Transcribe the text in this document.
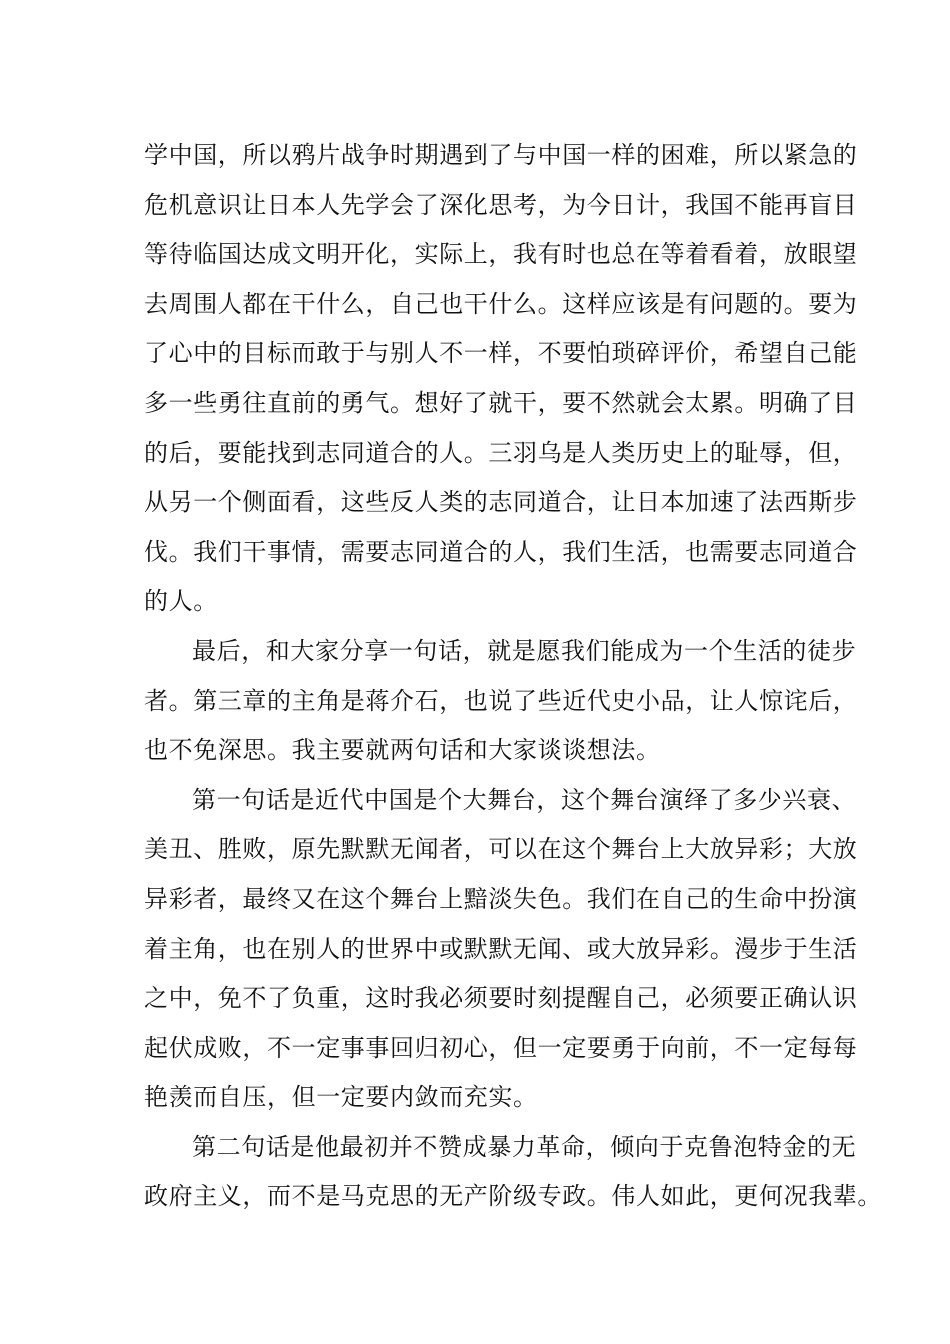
学中国，所以鸦片战争时期遇到了与中国一样的困难，所以紧急的
危机意识让日本人先学会了深化思考，为今日计，我国不能再盲目
等待临国达成文明开化，实际上，我有时也总在等着看着，放眼望
去周围人都在干什么，自己也干什么。这样应该是有问题的。要为
了心中的目标而敢于与别人不一样，不要怕琐碎评价，希望自己能
多一些勇往直前的勇气。想好了就干，要不然就会太累。明确了目
的后，要能找到志同道合的人。三羽乌是人类历史上的耻辱，但，
从另一个侧面看，这些反人类的志同道合，让日本加速了法西斯步
伐。我们干事情，需要志同道合的人，我们生活，也需要志同道合
的人。
最后，和大家分享一句话，就是愿我们能成为一个生活的徒步
者。第三章的主角是蒋介石，也说了些近代史小品，让人惊诧后，
也不免深思。我主要就两句话和大家谈谈想法。
第一句话是近代中国是个大舞台，这个舞台演绎了多少兴衰、
美丑、胜败，原先默默无闻者，可以在这个舞台上大放异彩；大放
异彩者，最终又在这个舞台上黯淡失色。我们在自己的生命中扮演
着主角，也在别人的世界中或默默无闻、或大放异彩。漫步于生活
之中，免不了负重，这时我必须要时刻提醒自己，必须要正确认识
起伏成败，不一定事事回归初心，但一定要勇于向前，不一定每每
艳羡而自压，但一定要内敛而充实。
第二句话是他最初并不赞成暴力革命，倾向于克鲁泡特金的无
政府主义，而不是马克思的无产阶级专政。伟人如此，更何况我辈。
